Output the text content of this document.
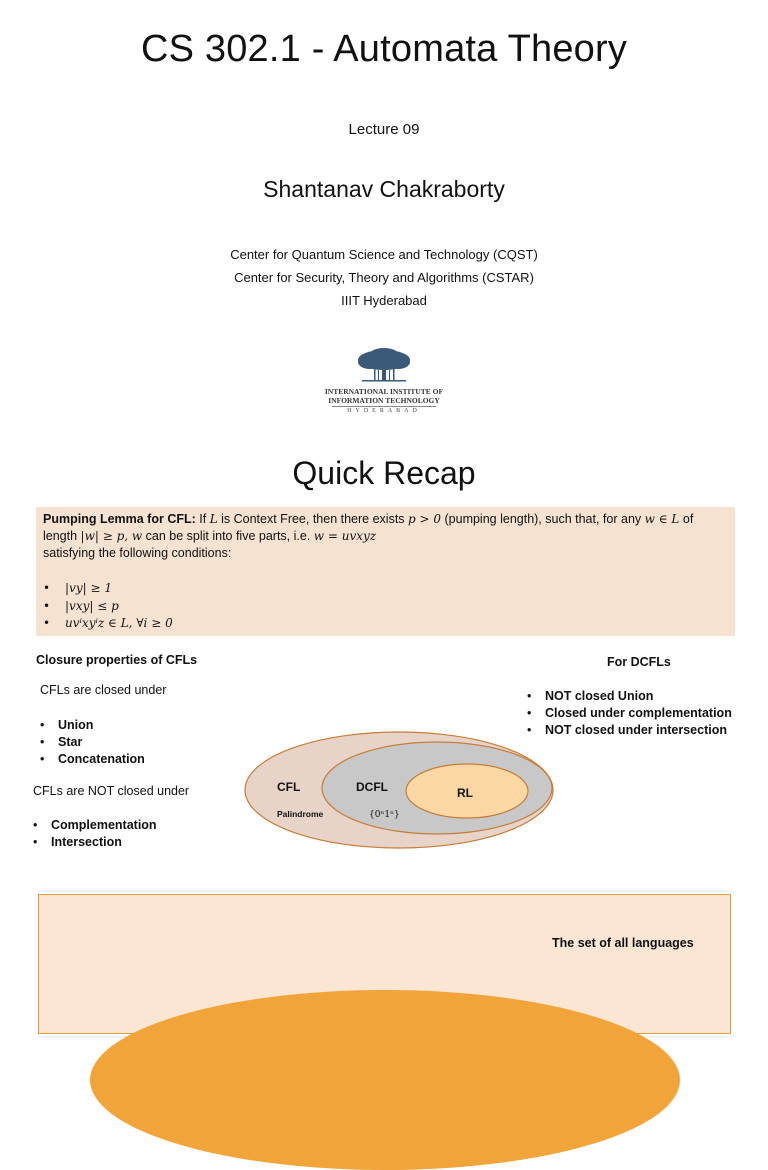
CS 302.1 - Automata Theory
Lecture 09
Shantanav Chakraborty
Center for Quantum Science and Technology (CQST)
Center for Security, Theory and Algorithms (CSTAR)
IIIT Hyderabad
INTERNATIONAL INSTITUTE OF
INFORMATION TECHNOLOGY
HYDERABAD
Quick Recap
Pumping Lemma for CFL: If L is Context Free, then there exists p > 0 (pumping length), such that, for any w ∈ L of
length |w| ≥ p, w can be split into five parts, i.e. w = uvxyz
satisfying the following conditions:
• |vy| ≥ 1
• |vxy| ≤ p
• uvⁱxyⁱz ∈ L, ∀i ≥ 0
Closure properties of CFLs
CFLs are closed under
• Union
• Star
• Concatenation
CFLs are NOT closed under
• Complementation
• Intersection
For DCFLs
• NOT closed Union
• Closed under complementation
• NOT closed under intersection
CFL
Palindrome
DCFL
{0ⁿ1ⁿ}
RL
The set of all languages
